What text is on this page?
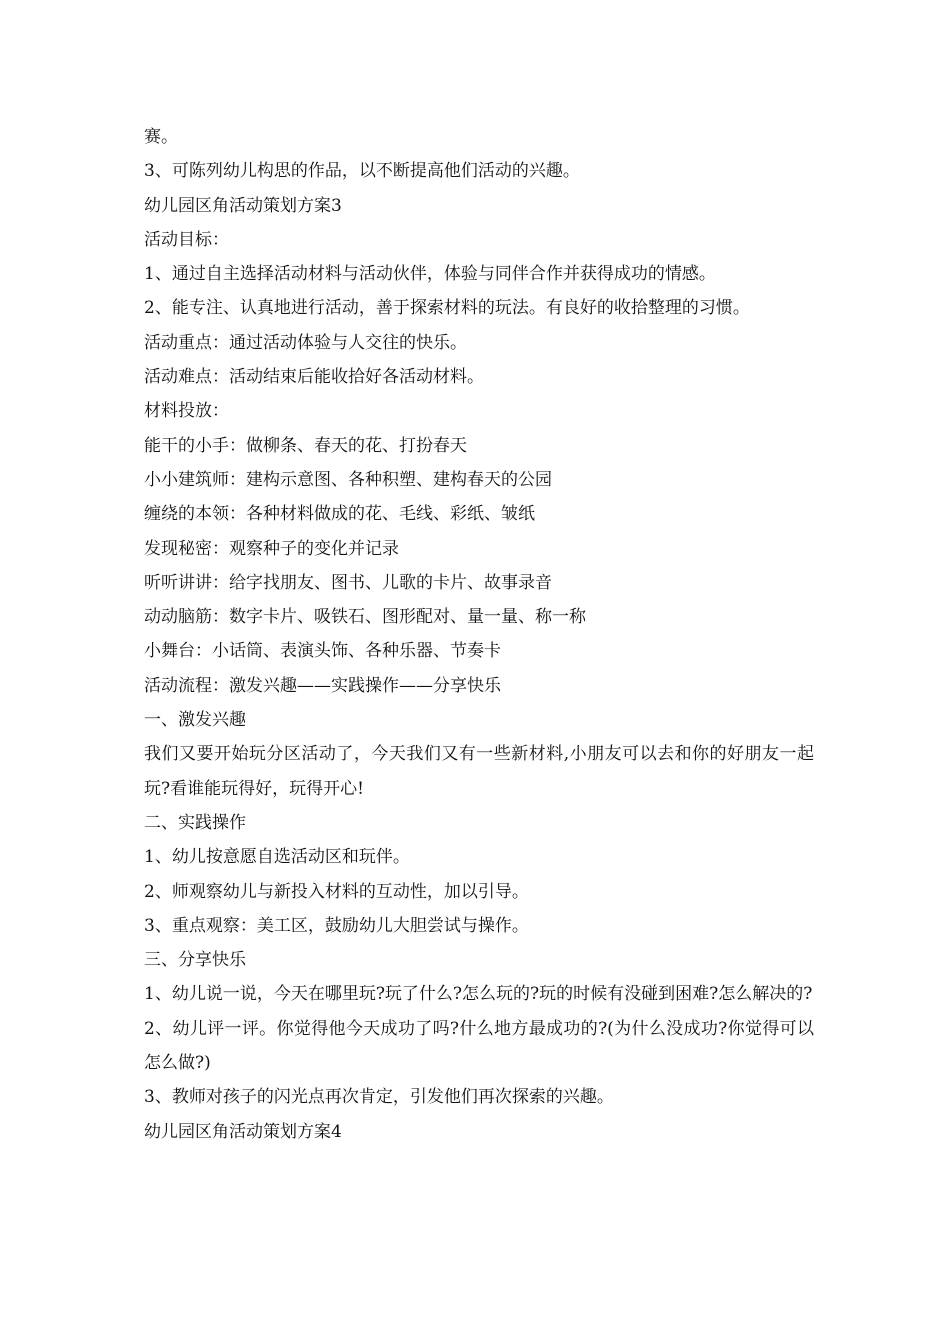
赛。

3、可陈列幼儿构思的作品，以不断提高他们活动的兴趣。

幼儿园区角活动策划方案3

活动目标：

1、通过自主选择活动材料与活动伙伴，体验与同伴合作并获得成功的情感。

2、能专注、认真地进行活动，善于探索材料的玩法。有良好的收拾整理的习惯。

活动重点：通过活动体验与人交往的快乐。

活动难点：活动结束后能收拾好各活动材料。

材料投放：

能干的小手：做柳条、春天的花、打扮春天

小小建筑师：建构示意图、各种积塑、建构春天的公园

缠绕的本领：各种材料做成的花、毛线、彩纸、皱纸

发现秘密：观察种子的变化并记录

听听讲讲：给字找朋友、图书、儿歌的卡片、故事录音

动动脑筋：数字卡片、吸铁石、图形配对、量一量、称一称

小舞台：小话筒、表演头饰、各种乐器、节奏卡

活动流程：激发兴趣——实践操作——分享快乐

一、激发兴趣

我们又要开始玩分区活动了，今天我们又有一些新材料,小朋友可以去和你的好朋友一起玩?看谁能玩得好，玩得开心!

二、实践操作

1、幼儿按意愿自选活动区和玩伴。

2、师观察幼儿与新投入材料的互动性，加以引导。

3、重点观察：美工区，鼓励幼儿大胆尝试与操作。

三、分享快乐

1、幼儿说一说，今天在哪里玩?玩了什么?怎么玩的?玩的时候有没碰到困难?怎么解决的?

2、幼儿评一评。你觉得他今天成功了吗?什么地方最成功的?(为什么没成功?你觉得可以怎么做?)

3、教师对孩子的闪光点再次肯定，引发他们再次探索的兴趣。

幼儿园区角活动策划方案4
